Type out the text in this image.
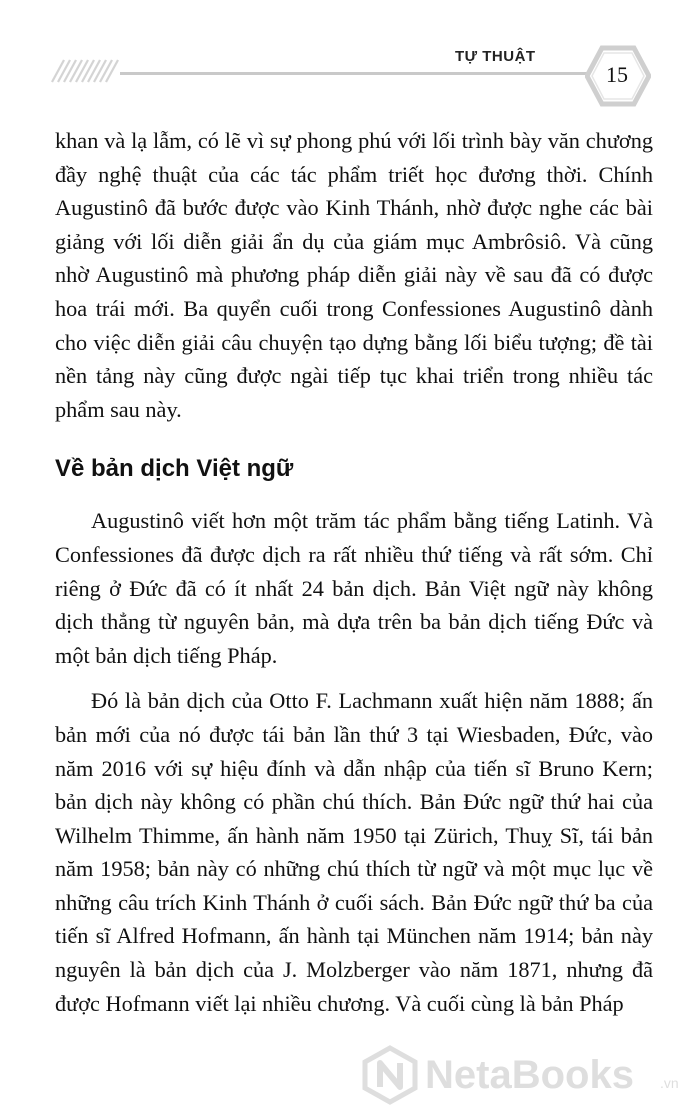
TỰ THUẬT
15

khan và lạ lẫm, có lẽ vì sự phong phú với lối trình bày văn chương đầy nghệ thuật của các tác phẩm triết học đương thời. Chính Augustinô đã bước được vào Kinh Thánh, nhờ được nghe các bài giảng với lối diễn giải ẩn dụ của giám mục Ambrôsiô. Và cũng nhờ Augustinô mà phương pháp diễn giải này về sau đã có được hoa trái mới. Ba quyển cuối trong Confessiones Augustinô dành cho việc diễn giải câu chuyện tạo dựng bằng lối biểu tượng; đề tài nền tảng này cũng được ngài tiếp tục khai triển trong nhiều tác phẩm sau này.

Về bản dịch Việt ngữ

Augustinô viết hơn một trăm tác phẩm bằng tiếng Latinh. Và Confessiones đã được dịch ra rất nhiều thứ tiếng và rất sớm. Chỉ riêng ở Đức đã có ít nhất 24 bản dịch. Bản Việt ngữ này không dịch thẳng từ nguyên bản, mà dựa trên ba bản dịch tiếng Đức và một bản dịch tiếng Pháp.

Đó là bản dịch của Otto F. Lachmann xuất hiện năm 1888; ấn bản mới của nó được tái bản lần thứ 3 tại Wiesbaden, Đức, vào năm 2016 với sự hiệu đính và dẫn nhập của tiến sĩ Bruno Kern; bản dịch này không có phần chú thích. Bản Đức ngữ thứ hai của Wilhelm Thimme, ấn hành năm 1950 tại Zürich, Thuỵ Sĩ, tái bản năm 1958; bản này có những chú thích từ ngữ và một mục lục về những câu trích Kinh Thánh ở cuối sách. Bản Đức ngữ thứ ba của tiến sĩ Alfred Hofmann, ấn hành tại München năm 1914; bản này nguyên là bản dịch của J. Molzberger vào năm 1871, nhưng đã được Hofmann viết lại nhiều chương. Và cuối cùng là bản Pháp

NetaBooks .vn
